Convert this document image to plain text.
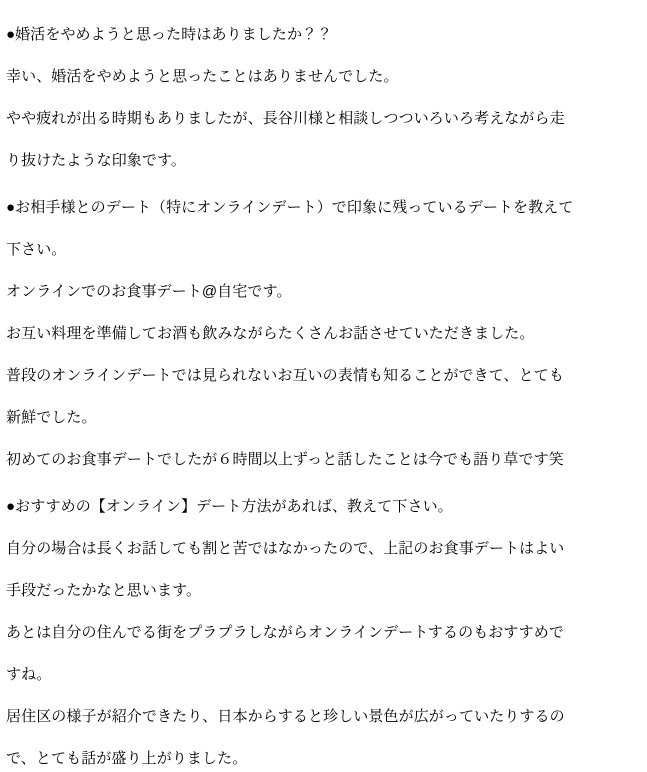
●婚活をやめようと思った時はありましたか？？

幸い、婚活をやめようと思ったことはありませんでした。

やや疲れが出る時期もありましたが、長谷川様と相談しつついろいろ考えながら走

り抜けたような印象です。

●お相手様とのデート（特にオンラインデート）で印象に残っているデートを教えて

下さい。

オンラインでのお食事デート@自宅です。

お互い料理を準備してお酒も飲みながらたくさんお話させていただきました。

普段のオンラインデートでは見られないお互いの表情も知ることができて、とても

新鮮でした。

初めてのお食事デートでしたが６時間以上ずっと話したことは今でも語り草です笑

●おすすめの【オンライン】デート方法があれば、教えて下さい。

自分の場合は長くお話しても割と苦ではなかったので、上記のお食事デートはよい

手段だったかなと思います。

あとは自分の住んでる街をプラプラしながらオンラインデートするのもおすすめで

すね。

居住区の様子が紹介できたり、日本からすると珍しい景色が広がっていたりするの

で、とても話が盛り上がりました。
